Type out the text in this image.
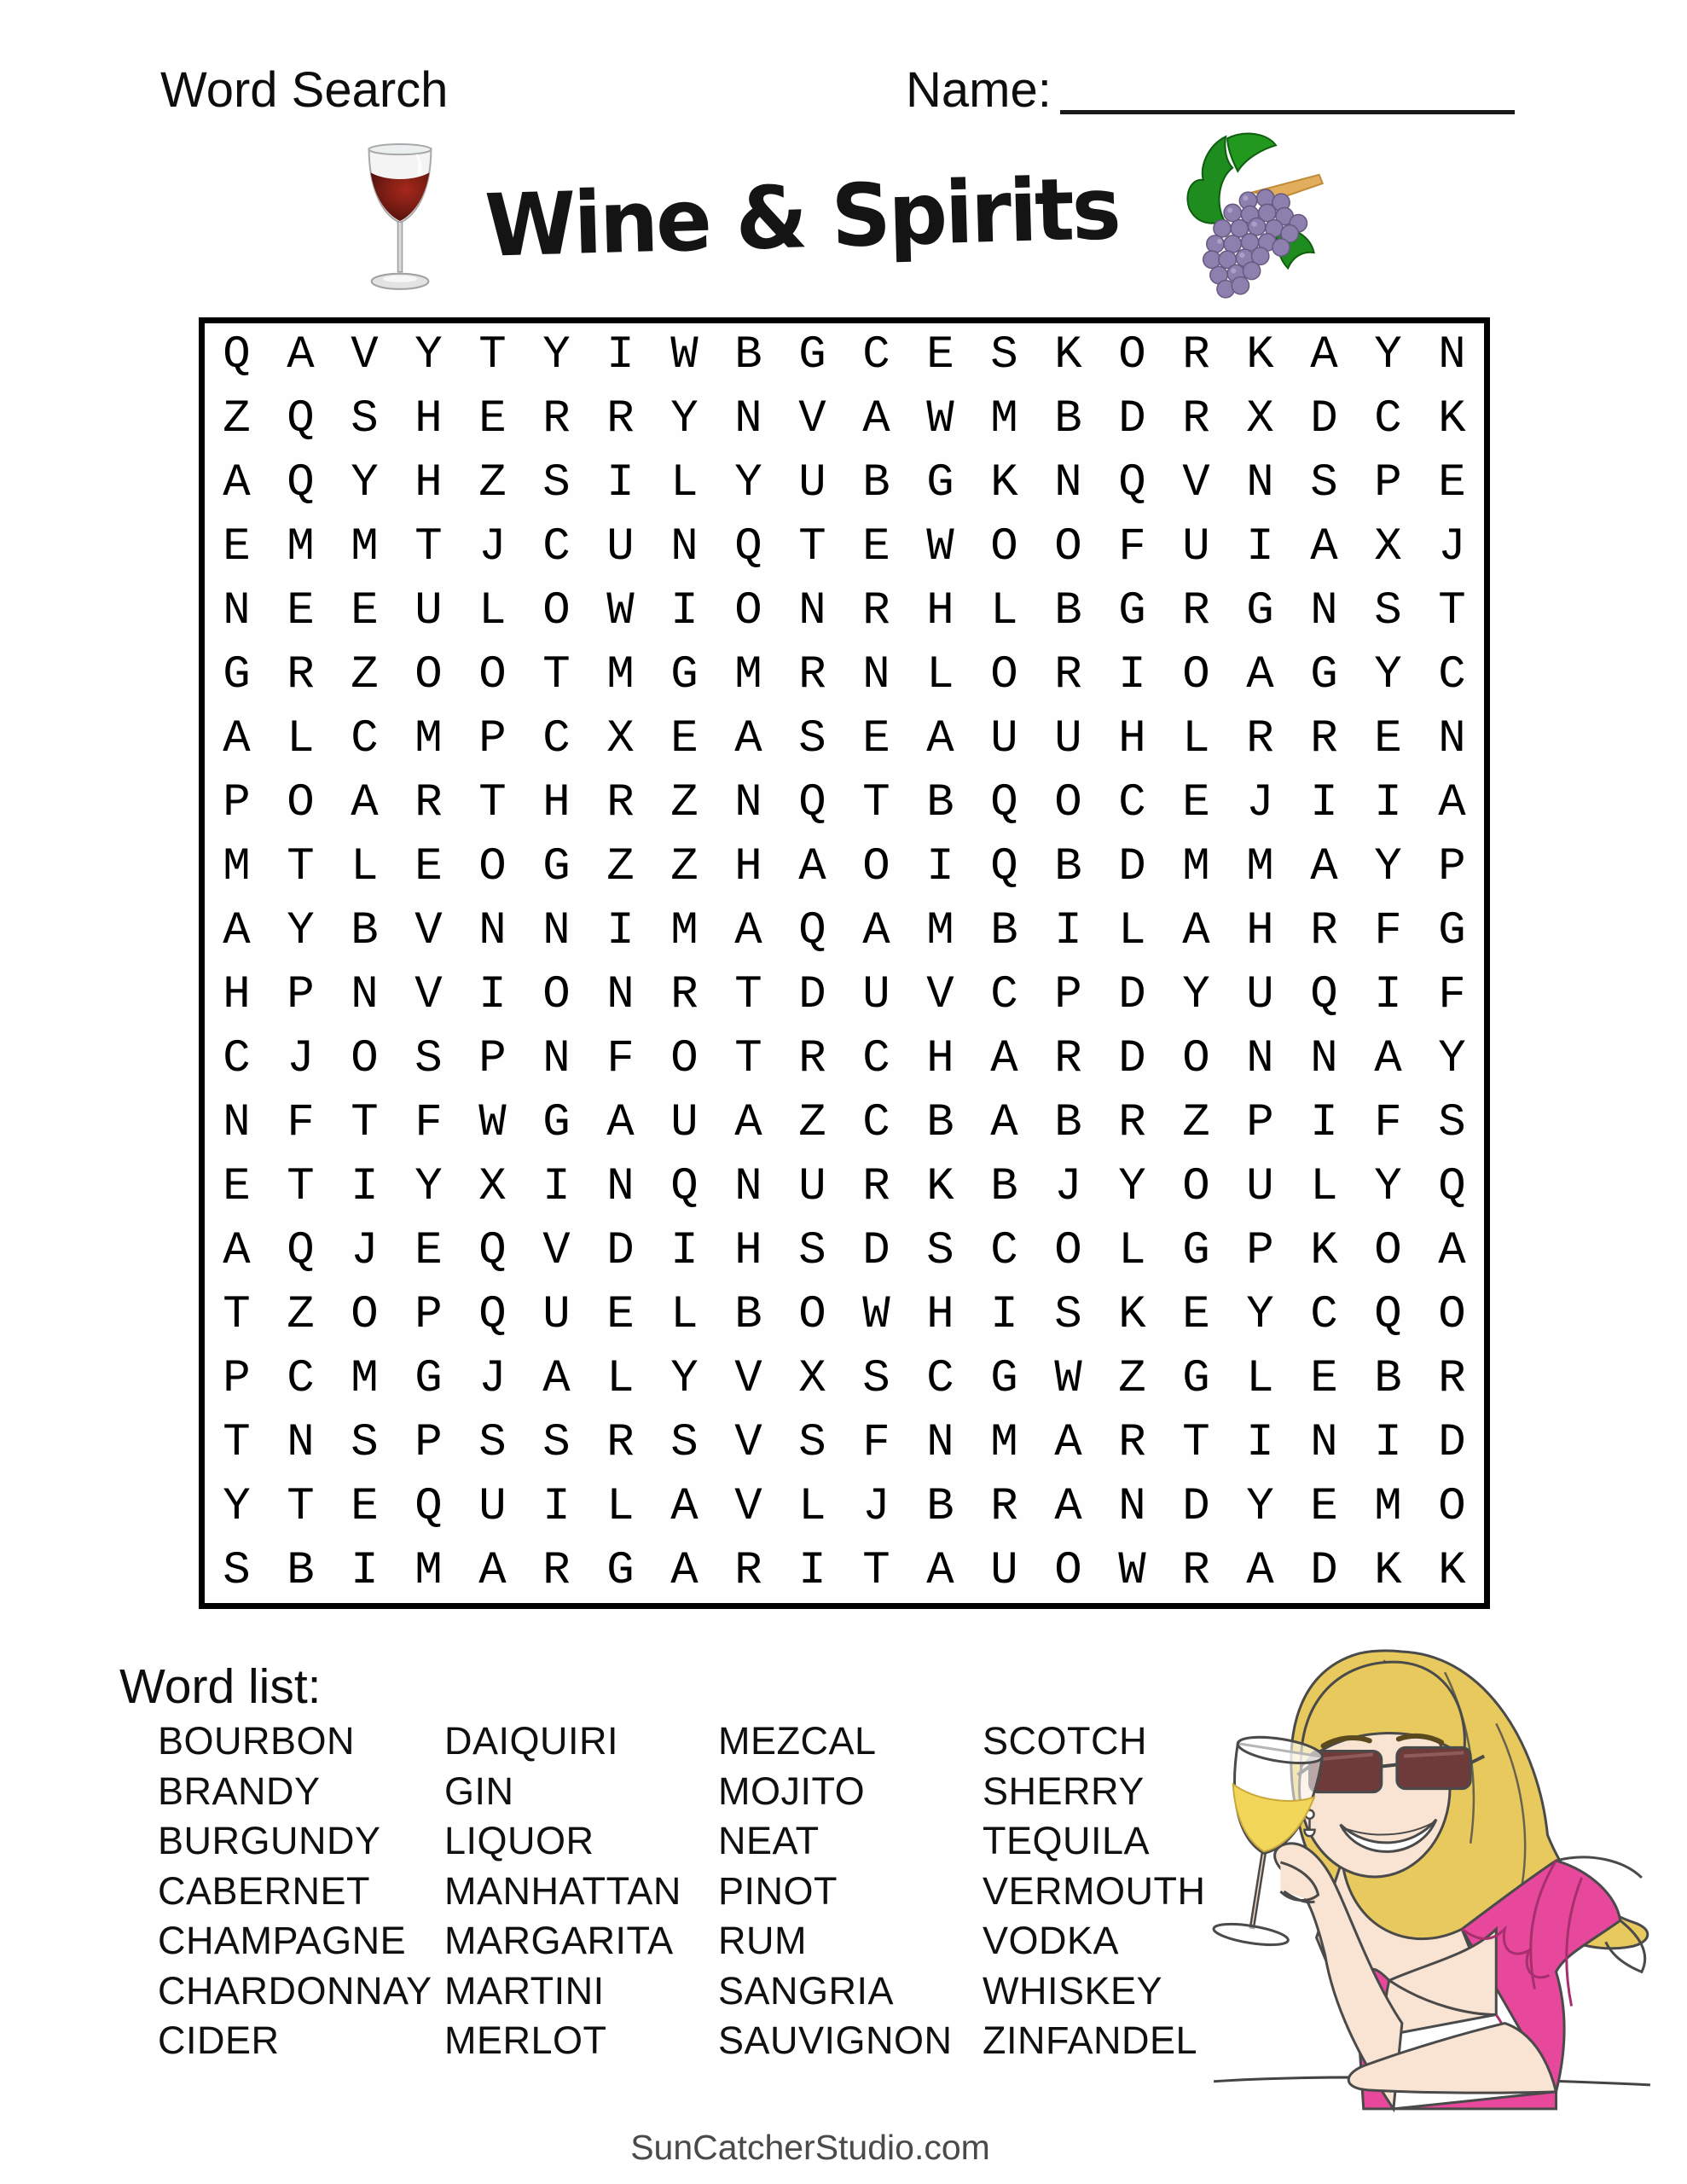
Word Search	Name:
Wine & Spirits
Q A V Y T Y I W B G C E S K O R K A Y N
Z Q S H E R R Y N V A W M B D R X D C K
A Q Y H Z S I L Y U B G K N Q V N S P E
E M M T J C U N Q T E W O O F U I A X J
N E E U L O W I O N R H L B G R G N S T
G R Z O O T M G M R N L O R I O A G Y C
A L C M P C X E A S E A U U H L R R E N
P O A R T H R Z N Q T B Q O C E J I I A
M T L E O G Z Z H A O I Q B D M M A Y P
A Y B V N N I M A Q A M B I L A H R F G
H P N V I O N R T D U V C P D Y U Q I F
C J O S P N F O T R C H A R D O N N A Y
N F T F W G A U A Z C B A B R Z P I F S
E T I Y X I N Q N U R K B J Y O U L Y Q
A Q J E Q V D I H S D S C O L G P K O A
T Z O P Q U E L B O W H I S K E Y C Q O
P C M G J A L Y V X S C G W Z G L E B R
T N S P S S R S V S F N M A R T I N I D
Y T E Q U I L A V L J B R A N D Y E M O
S B I M A R G A R I T A U O W R A D K K
Word list:
BOURBON
BRANDY
BURGUNDY
CABERNET
CHAMPAGNE
CHARDONNAY
CIDER
DAIQUIRI
GIN
LIQUOR
MANHATTAN
MARGARITA
MARTINI
MERLOT
MEZCAL
MOJITO
NEAT
PINOT
RUM
SANGRIA
SAUVIGNON
SCOTCH
SHERRY
TEQUILA
VERMOUTH
VODKA
WHISKEY
ZINFANDEL
SunCatcherStudio.com
